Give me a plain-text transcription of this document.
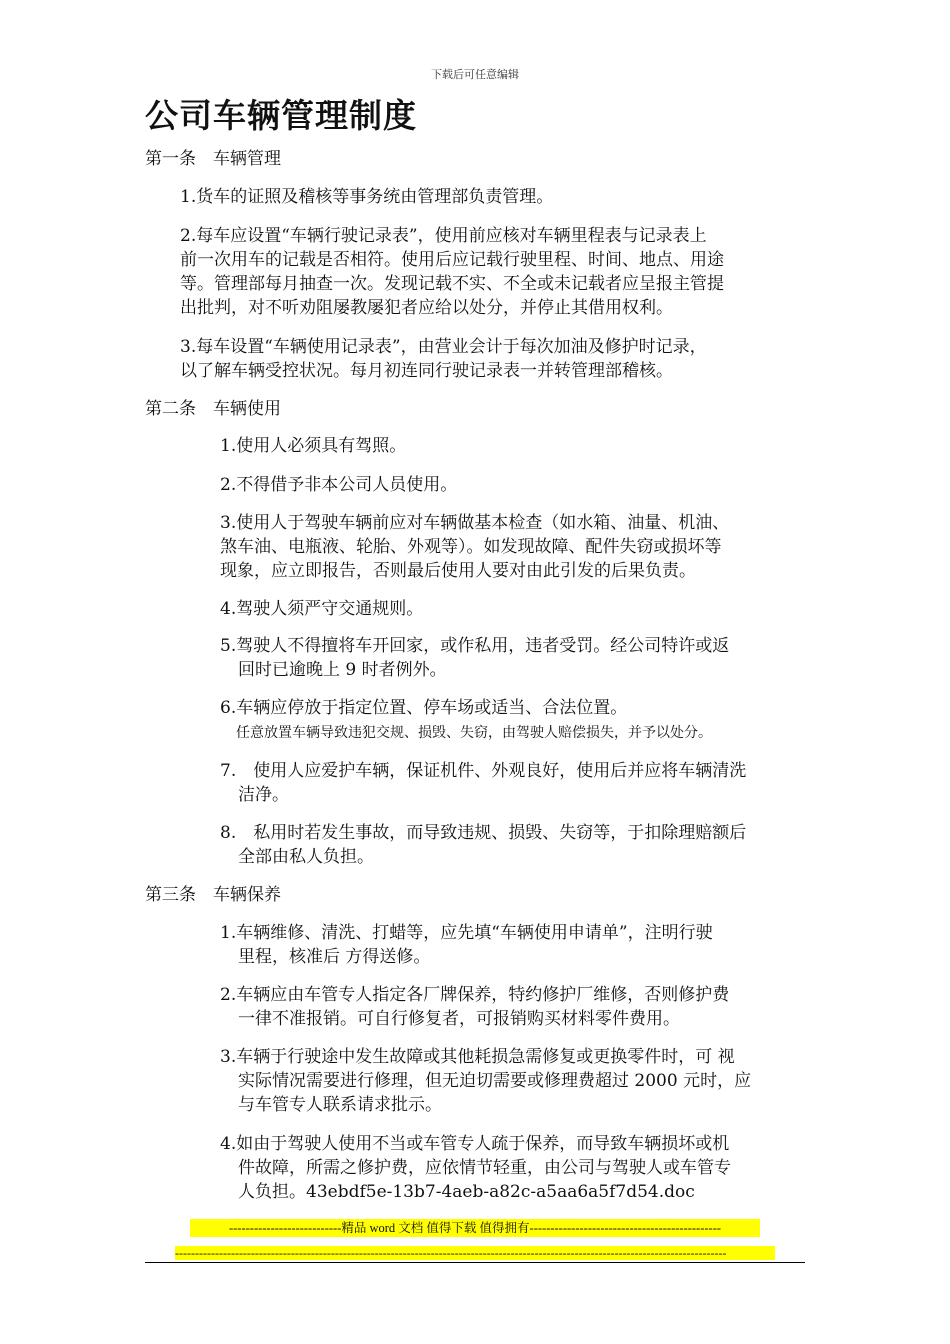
下载后可任意编辑
公司车辆管理制度
第一条　车辆管理
1.货车的证照及稽核等事务统由管理部负责管理。
2.每车应设置“车辆行驶记录表”，使用前应核对车辆里程表与记录表上
前一次用车的记载是否相符。使用后应记载行驶里程、时间、地点、用途
等。管理部每月抽查一次。发现记载不实、不全或未记载者应呈报主管提
出批判，对不听劝阻屡教屡犯者应给以处分，并停止其借用权利。
3.每车设置“车辆使用记录表”，由营业会计于每次加油及修护时记录，
以了解车辆受控状况。每月初连同行驶记录表一并转管理部稽核。
第二条　车辆使用
1.使用人必须具有驾照。
2.不得借予非本公司人员使用。
3.使用人于驾驶车辆前应对车辆做基本检查（如水箱、油量、机油、
煞车油、电瓶液、轮胎、外观等）。如发现故障、配件失窃或损坏等
现象，应立即报告，否则最后使用人要对由此引发的后果负责。
4.驾驶人须严守交通规则。
5.驾驶人不得擅将车开回家，或作私用，违者受罚。经公司特许或返
回时已逾晚上 9 时者例外。
6.车辆应停放于指定位置、停车场或适当、合法位置。
任意放置车辆导致违犯交规、损毁、失窃，由驾驶人赔偿损失，并予以处分。
7.　使用人应爱护车辆，保证机件、外观良好，使用后并应将车辆清洗
洁净。
8.　私用时若发生事故，而导致违规、损毁、失窃等，于扣除理赔额后
全部由私人负担。
第三条　车辆保养
1.车辆维修、清洗、打蜡等，应先填“车辆使用申请单”，注明行驶
里程，核准后 方得送修。
2.车辆应由车管专人指定各厂牌保养，特约修护厂维修，否则修护费
一律不准报销。可自行修复者，可报销购买材料零件费用。
3.车辆于行驶途中发生故障或其他耗损急需修复或更换零件时，可 视
实际情况需要进行修理，但无迫切需要或修理费超过 2000 元时，应
与车管专人联系请求批示。
4.如由于驾驶人使用不当或车管专人疏于保养，而导致车辆损坏或机
件故障，所需之修护费，应依情节轻重，由公司与驾驶人或车管专
人负担。43ebdf5e-13b7-4aeb-a82c-a5aa6a5f7d54.doc
---------------------------精品 word 文档 值得下载 值得拥有----------------------------------------------
------------------------------------------------------------------------------------------------------------------------------------------
